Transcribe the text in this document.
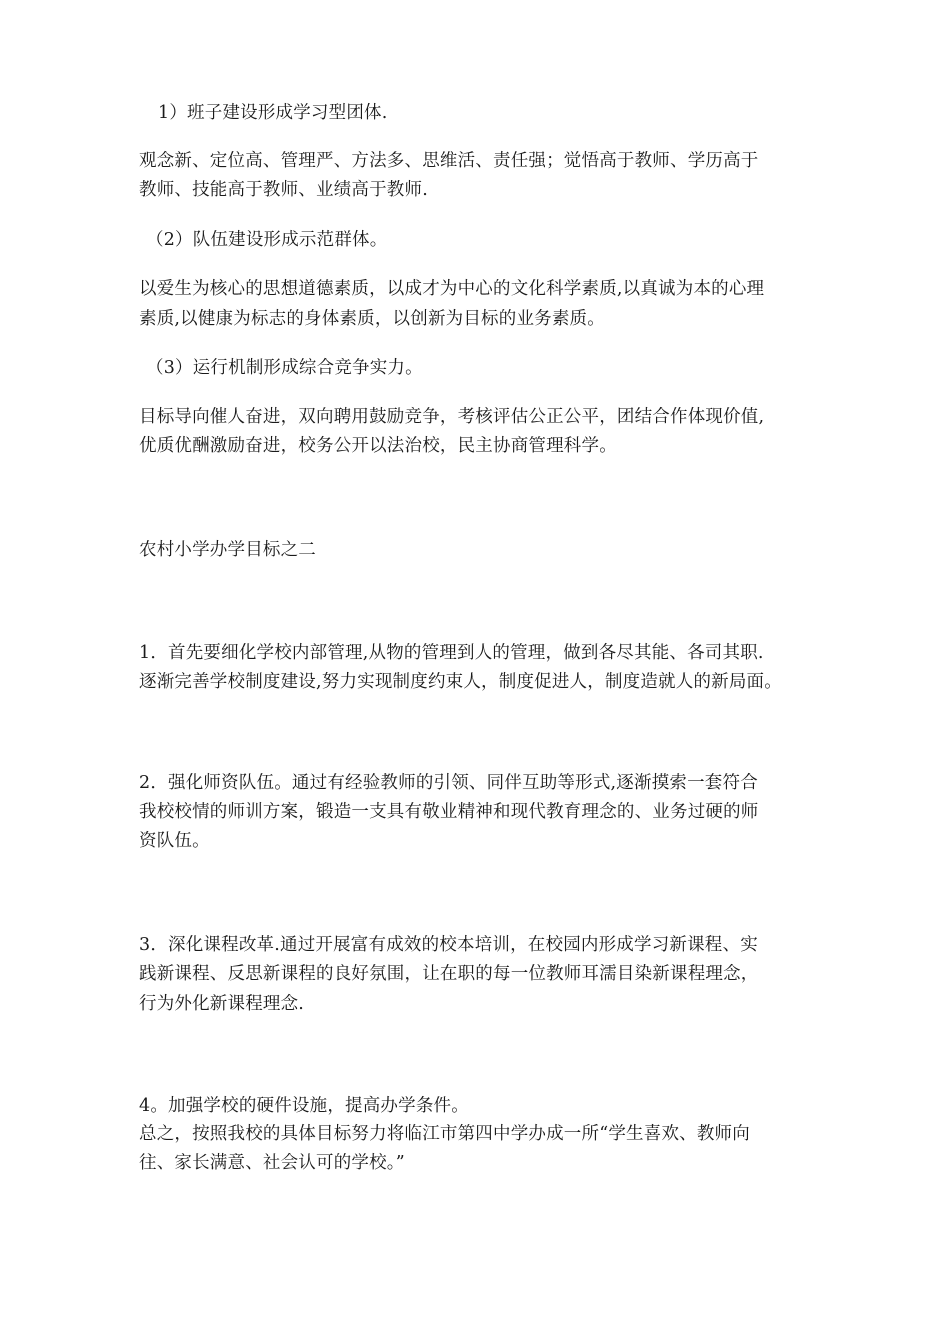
1）班子建设形成学习型团体.
观念新、定位高、管理严、方法多、思维活、责任强；觉悟高于教师、学历高于
教师、技能高于教师、业绩高于教师.
（2）队伍建设形成示范群体。
以爱生为核心的思想道德素质，以成才为中心的文化科学素质,以真诚为本的心理
素质,以健康为标志的身体素质，以创新为目标的业务素质。
（3）运行机制形成综合竞争实力。
目标导向催人奋进，双向聘用鼓励竞争，考核评估公正公平，团结合作体现价值,
优质优酬激励奋进，校务公开以法治校，民主协商管理科学。
农村小学办学目标之二
1．首先要细化学校内部管理,从物的管理到人的管理，做到各尽其能、各司其职.
逐渐完善学校制度建设,努力实现制度约束人，制度促进人，制度造就人的新局面。
2．强化师资队伍。通过有经验教师的引领、同伴互助等形式,逐渐摸索一套符合
我校校情的师训方案，锻造一支具有敬业精神和现代教育理念的、业务过硬的师
资队伍。
3．深化课程改革.通过开展富有成效的校本培训，在校园内形成学习新课程、实
践新课程、反思新课程的良好氛围，让在职的每一位教师耳濡目染新课程理念，
行为外化新课程理念.
4。加强学校的硬件设施，提高办学条件。
总之，按照我校的具体目标努力将临江市第四中学办成一所“学生喜欢、教师向
往、家长满意、社会认可的学校。”
